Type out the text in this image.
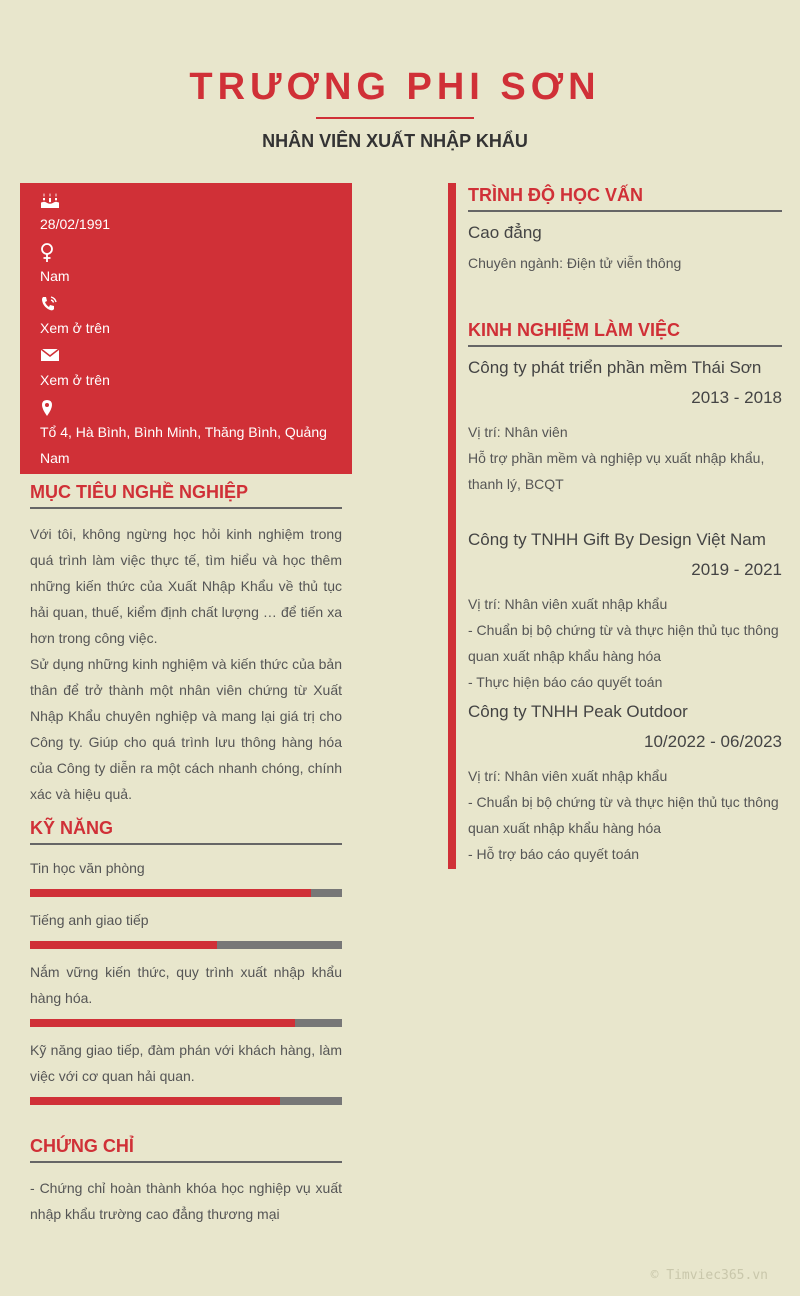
TRƯƠNG PHI SƠN
NHÂN VIÊN XUẤT NHẬP KHẨU
28/02/1991
Nam
Xem ở trên
Xem ở trên
Tổ 4, Hà Bình, Bình Minh, Thăng Bình, Quảng Nam
MỤC TIÊU NGHỀ NGHIỆP
Với tôi, không ngừng học hỏi kinh nghiệm trong quá trình làm việc thực tế, tìm hiểu và học thêm những kiến thức của Xuất Nhập Khẩu về thủ tục hải quan, thuế, kiểm định chất lượng … để tiến xa hơn trong công việc.
Sử dụng những kinh nghiệm và kiến thức của bản thân để trở thành một nhân viên chứng từ Xuất Nhập Khẩu chuyên nghiệp và mang lại giá trị cho Công ty. Giúp cho quá trình lưu thông hàng hóa của Công ty diễn ra một cách nhanh chóng, chính xác và hiệu quả.
KỸ NĂNG
Tin học văn phòng
Tiếng anh giao tiếp
Nắm vững kiến thức, quy trình xuất nhập khẩu hàng hóa.
Kỹ năng giao tiếp, đàm phán với khách hàng, làm việc với cơ quan hải quan.
CHỨNG CHỈ
- Chứng chỉ hoàn thành khóa học nghiệp vụ xuất nhập khẩu trường cao đẳng thương mại
TRÌNH ĐỘ HỌC VẤN
Cao đẳng
Chuyên ngành: Điện tử viễn thông
KINH NGHIỆM LÀM VIỆC
Công ty phát triển phần mềm Thái Sơn
2013 - 2018
Vị trí: Nhân viên
Hỗ trợ phần mềm và nghiệp vụ xuất nhập khẩu, thanh lý, BCQT
Công ty TNHH Gift By Design Việt Nam
2019 - 2021
Vị trí: Nhân viên xuất nhập khẩu
- Chuẩn bị bộ chứng từ và thực hiện thủ tục thông quan xuất nhập khẩu hàng hóa
- Thực hiện báo cáo quyết toán
Công ty TNHH Peak Outdoor
10/2022 - 06/2023
Vị trí: Nhân viên xuất nhập khẩu
- Chuẩn bị bộ chứng từ và thực hiện thủ tục thông quan xuất nhập khẩu hàng hóa
- Hỗ trợ báo cáo quyết toán
© Timviec365.vn
